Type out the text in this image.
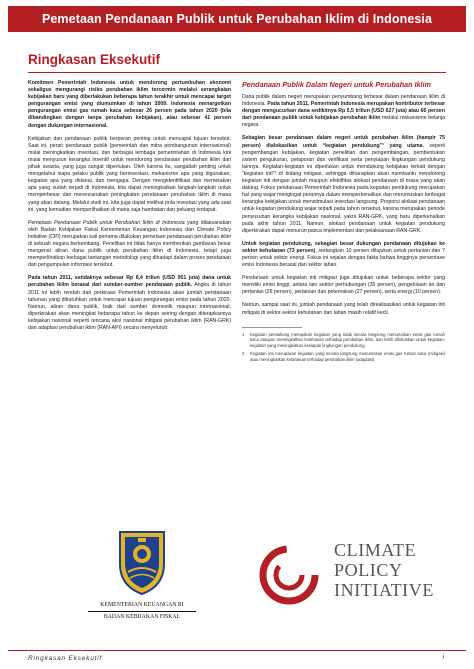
Pemetaan Pendanaan Publik untuk Perubahan Iklim di Indonesia
Ringkasan Eksekutif

Komitmen Pemerintah Indonesia untuk mendorong pertumbuhan ekonomi sekaligus mengurangi risiko perubahan iklim tercermin melalui serangkaian kebijakan baru yang diberlakukan beberapa tahun terakhir untuk mencapai target pengurangan emisi yang diumumkan di tahun 2009. Indonesia menargetkan pengurangan emisi gas rumah kaca sebesar 26 persen pada tahun 2020 (bila dibandingkan dengan tanpa perubahan kebijakan), atau sebesar 41 persen dengan dukungan internasional.

Kebijakan dan pendanaan publik berperan penting untuk mencapai tujuan tersebut. Saat ini, peran pendanaan publik (pemerintah dan mitra pembangunan internasional) mulai meningkatkan investasi, dan berbagai lembaga pemerintahan di Indonesia kini mulai menyusun kerangka insentif untuk mendorong pendanaan perubahan iklim dari pihak swasta, yang juga sangat diperlukan. Oleh karena itu, sangatlah penting untuk mengetahui siapa pelaku publik yang berinvestasi, mekanisme apa yang digunakan, kegiatan apa yang didanai, dan mengapa. Dengan mengidentifikasi dan memetakan apa yang sudah terjadi di Indonesia, kita dapat meningkatkan langkah-langkah untuk memperbesar dan merencanakan peningkatan pendanaan perubahan iklim di masa yang akan datang. Melalui studi ini, kita juga dapat melihat pola investasi yang ada saat ini, yang kemudian memperlihatkan di mana saja hambatan dan peluang terdapat.

Pemetaan Pendanaan Publik untuk Perubahan Iklim di Indonesia yang dilaksanakan oleh Badan Kebijakan Fiskal Kementerian Keuangan Indonesia dan Climate Policy Initiative (CPI) merupakan kali pertama dilakukan pemetaan pendanaan perubahan iklim di sebuah negara berkembang. Penelitian ini tidak hanya memberikan gambaran besar mengenai aliran dana publik untuk perubahan iklim di Indonesia, tetapi juga memperlihatkan berbagai tantangan metodologi yang dihadapi dalam proses pendataan dan pengumpulan informasi tersebut.

Pada tahun 2011, setidaknya sebesar Rp 8,4 triliun (USD 951 juta) dana untuk perubahan iklim berasal dari sumber-sumber pendanaan publik. Angka di tahun 2011 ini lebih rendah dari perkiraan Pemerintah Indonesia akan jumlah pendanaan tahunan yang dibutuhkan untuk mencapai tujuan pengurangan emisi pada tahun 2020. Namun, aliran dana publik, baik dari sumber domestik maupun internasional, diperkirakan akan meningkat beberapa tahun ke depan seiring dengan diterapkannya kebijakan nasional seperti rencana aksi nasional mitigasi perubahan iklim (RAN-GRK) dan adaptasi perubahan iklim (RAN-API) secara menyeluruh.

Pendanaan Publik Dalam Negeri untuk Perubahan Iklim

Dana publik dalam negeri merupakan penyumbang terbesar dalam pendanaan iklim di Indonesia. Pada tahun 2011, Pemerintah Indonesia merupakan kontributor terbesar dengan mengucurkan dana sedikitnya Rp 5,5 triliun (USD 627 juta) atau 66 persen dari pendanaan publik untuk kebijakan perubahan iklim melalui mekanisme belanja negara.

Sebagian besar pendanaan dalam negeri untuk perubahan iklim (hampir 75 persen) dialokasikan untuk “kegiatan pendukung”¹ yang utama, seperti pengembangan kebijakan, kegiatan penelitian dan pengembangan, pembentukan sistem pengukuran, pelaporan dan verifikasi serta penyiapan lingkungan pendukung lainnya. Kegiatan-kegiatan ini diperlukan untuk mendukung kebijakan terkait dengan “kegiatan inti”² di bidang mitigasi, sehingga diharapkan akan membantu mendorong kegiatan inti dengan jumlah maupun efektifitas alokasi pendanaan di masa yang akan datang. Fokus pendanaan Pemerintah Indonesia pada kegiatan pendukung merupakan hal yang wajar mengingat perannya dalam memperkenalkan dan merumuskan berbagai kerangka kebijakan untuk menstimulasi investasi langsung. Proporsi alokasi pendanaan untuk kegiatan pendukung wajar terjadi pada tahun tersebut, karena merupakan periode penyusunan kerangka kebijakan nasional, yakni RAN-GRK, yang baru diperkenalkan pada akhir tahun 2011. Namun, alokasi pendanaan untuk kegiatan pendukung diperkirakan dapat menurun pasca implementasi dan pelaksanaan RAN-GRK.

Untuk kegiatan pendukung, sebagian besar dukungan pendanaan ditujukan ke sektor kehutanan (73 persen), sedangkan 10 persen ditujukan untuk pertanian dan 7 persen untuk sektor energi. Fokus ini sejalan dengan fakta bahwa tingginya persentase emisi Indonesia berasal dari sektor lahan.

Pendanaan untuk kegiatan inti mitigasi juga ditujukan untuk beberapa sektor yang memiliki emisi tinggi, antara lain sektor perhubungan (35 persen), pengelolaan air dan pertanian (26 persen), pertanian dan peternakan (27 persen), serta energi (10 persen).

Namun, sampai saat ini, jumlah pendanaan yang telah direalisasikan untuk kegiatan inti mitigasi di sektor-sektor kehutanan dan lahan masih relatif kecil.

1	Kegiatan pendukung merupakan kegiatan yang tidak secara langsung menurunkan emisi gas rumah kaca ataupun meningkatkan ketahanan terhadap perubahan iklim, dan lebih difokuskan untuk kegiatan-kegiatan yang meningkatkan kesiapan lingkungan pendukung.
2	Kegiatan inti merupakan kegiatan yang secara langsung menurunkan emisi gas rumah kaca (mitigasi) atau meningkatkan ketahanan terhadap perubahan iklim (adaptasi).
KEMENTERIAN KEUANGAN RI
BADAN KEBIJAKAN FISKAL
CLIMATE
POLICY
INITIATIVE
Ringkasan Eksekutif	i
